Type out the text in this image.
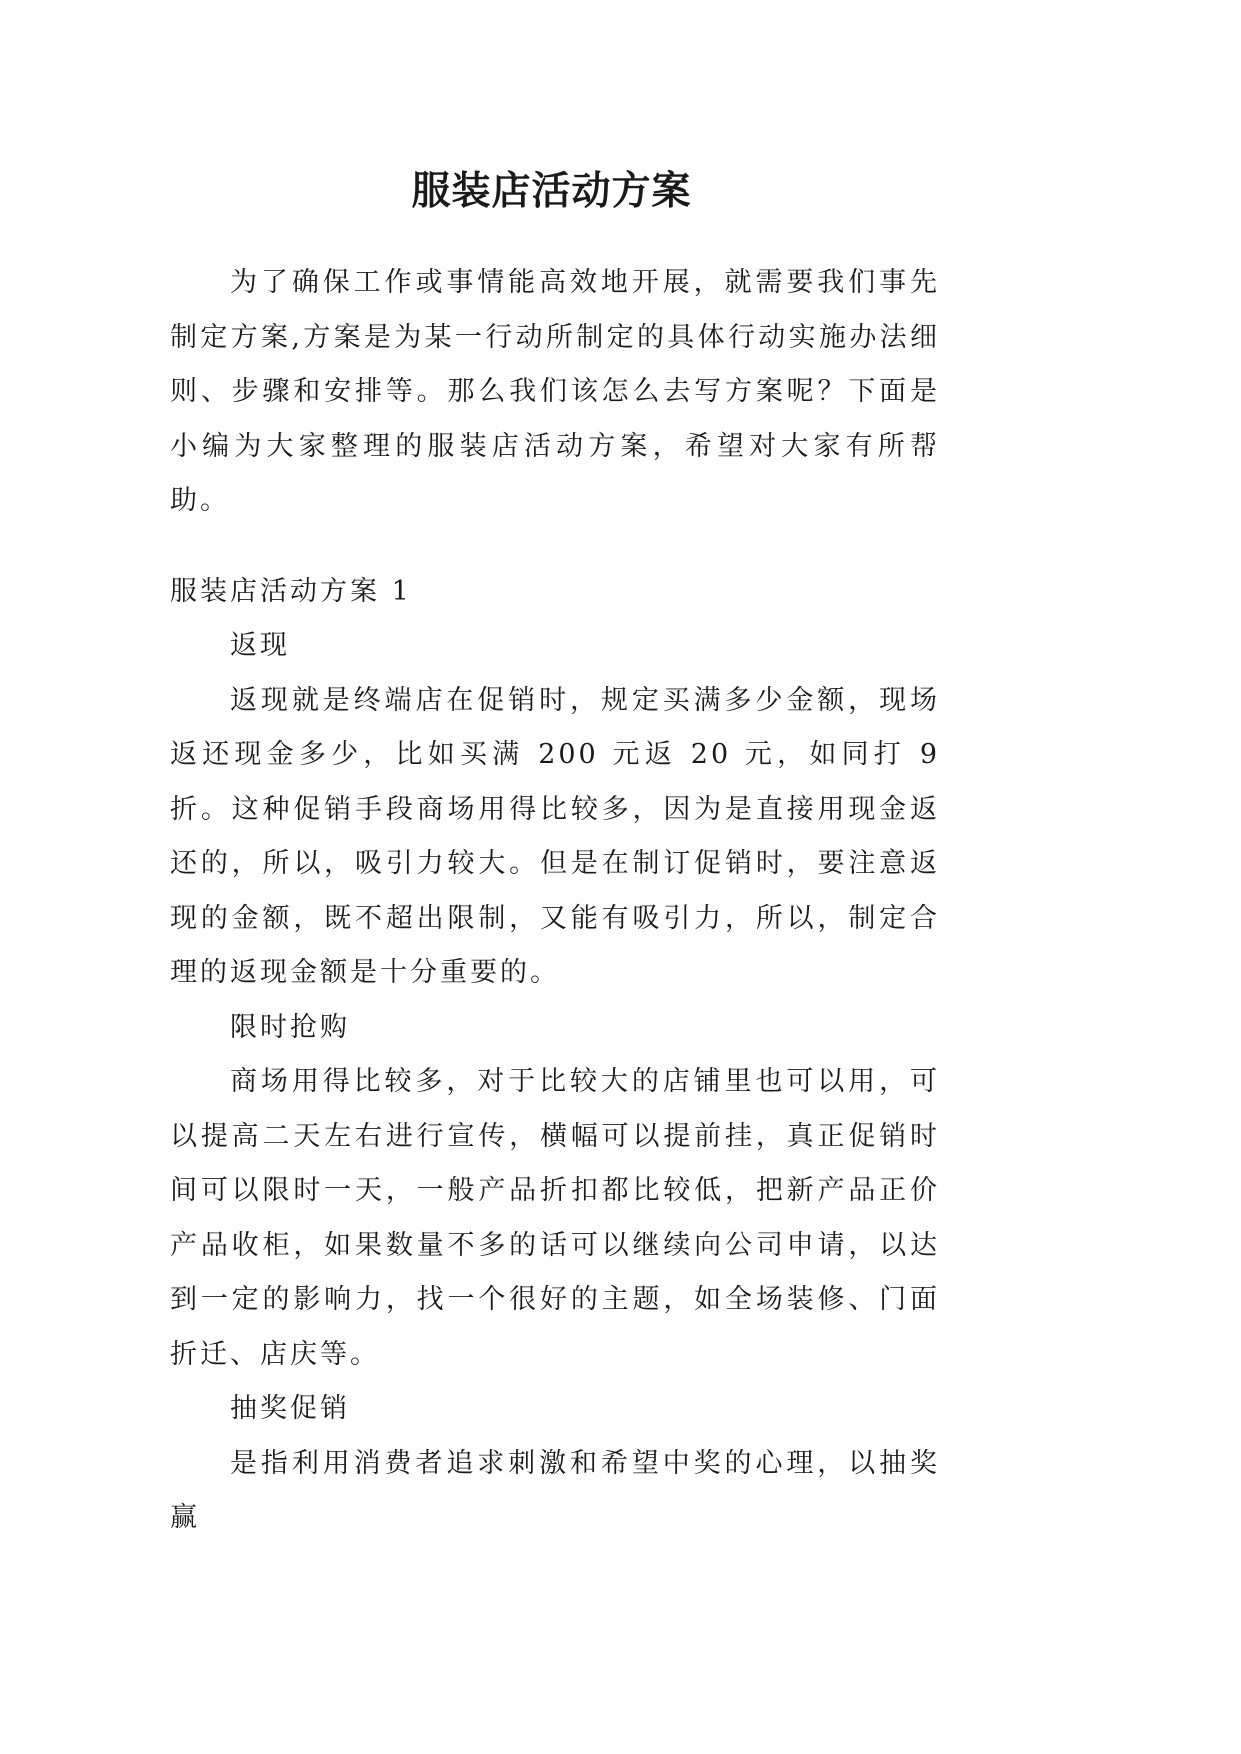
服装店活动方案

为了确保工作或事情能高效地开展，就需要我们事先制定方案,方案是为某一行动所制定的具体行动实施办法细则、步骤和安排等。那么我们该怎么去写方案呢？下面是小编为大家整理的服装店活动方案，希望对大家有所帮助。

服装店活动方案 1

返现

返现就是终端店在促销时，规定买满多少金额，现场返还现金多少，比如买满 200 元返 20 元，如同打 9 折。这种促销手段商场用得比较多，因为是直接用现金返还的，所以，吸引力较大。但是在制订促销时，要注意返现的金额，既不超出限制，又能有吸引力，所以，制定合理的返现金额是十分重要的。

限时抢购

商场用得比较多，对于比较大的店铺里也可以用，可以提高二天左右进行宣传，横幅可以提前挂，真正促销时间可以限时一天，一般产品折扣都比较低，把新产品正价产品收柜，如果数量不多的话可以继续向公司申请，以达到一定的影响力，找一个很好的主题，如全场装修、门面折迁、店庆等。

抽奖促销

是指利用消费者追求刺激和希望中奖的心理，以抽奖赢
